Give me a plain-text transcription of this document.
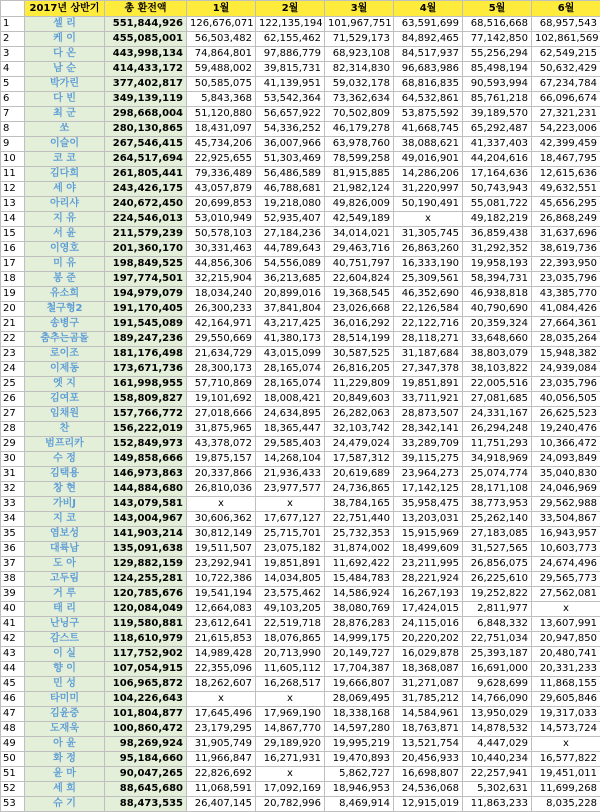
	2017년 상반기	총 환전액	1월	2월	3월	4월	5월	6월
1	셀 리	551,844,926	126,676,071	122,135,194	101,967,751	63,591,699	68,516,668	68,957,543
2	케 이	455,085,001	56,503,482	62,155,462	71,529,173	84,892,465	77,142,850	102,861,569
3	다 온	443,998,134	74,864,801	97,886,779	68,923,108	84,517,937	55,256,294	62,549,215
4	남 순	414,433,172	59,488,002	39,815,731	82,314,830	96,683,986	85,498,194	50,632,429
5	박가린	377,402,817	50,585,075	41,139,951	59,032,178	68,816,835	90,593,994	67,234,784
6	다 빈	349,139,119	5,843,368	53,542,364	73,362,634	64,532,861	85,761,218	66,096,674
7	최 군	298,668,004	51,120,880	56,657,922	70,502,809	53,875,592	39,189,570	27,321,231
8	쏘	280,130,865	18,431,097	54,336,252	46,179,278	41,668,745	65,292,487	54,223,006
9	이슬이	267,546,415	45,734,206	36,007,966	63,978,760	38,088,621	41,337,403	42,399,459
10	코 코	264,517,694	22,925,655	51,303,469	78,599,258	49,016,901	44,204,616	18,467,795
11	김다희	261,805,441	79,336,489	56,486,589	81,915,885	14,286,206	17,164,636	12,615,636
12	세 야	243,426,175	43,057,879	46,788,681	21,982,124	31,220,997	50,743,943	49,632,551
13	아리샤	240,672,450	20,699,853	19,218,080	49,826,009	50,190,491	55,081,722	45,656,295
14	지 유	224,546,013	53,010,949	52,935,407	42,549,189	x	49,182,219	26,868,249
15	서 윤	211,579,239	50,578,103	27,184,236	34,014,021	31,305,745	36,859,438	31,637,696
16	이영호	201,360,170	30,331,463	44,789,643	29,463,716	26,863,260	31,292,352	38,619,736
17	미 유	198,849,525	44,856,306	54,556,089	40,751,797	16,333,190	19,958,193	22,393,950
18	봉 준	197,774,501	32,215,904	36,213,685	22,604,824	25,309,561	58,394,731	23,035,796
19	유소희	194,979,079	18,034,240	20,899,016	19,368,545	46,352,690	46,938,818	43,385,770
20	철구형2	191,170,405	26,300,233	37,841,804	23,026,668	22,126,584	40,790,690	41,084,426
21	송병구	191,545,089	42,164,971	43,217,425	36,016,292	22,122,716	20,359,324	27,664,361
22	춤추는곰돌	189,247,236	29,550,669	41,380,173	28,514,199	28,118,271	33,648,660	28,035,264
23	로이조	181,176,498	21,634,729	43,015,099	30,587,525	31,187,684	38,803,079	15,948,382
24	이제동	173,671,736	28,300,173	28,165,074	26,816,205	27,347,378	38,103,822	24,939,084
25	엣 지	161,998,955	57,710,869	28,165,074	11,229,809	19,851,891	22,005,516	23,035,796
26	김여포	158,809,827	19,101,692	18,008,421	20,849,603	33,711,921	27,081,685	40,056,505
27	임채원	157,766,772	27,018,666	24,634,895	26,282,063	28,873,507	24,331,167	26,625,523
28	찬	156,222,019	31,875,965	18,365,447	32,103,742	28,342,141	26,294,248	19,240,476
29	범프리카	152,849,973	43,378,072	29,585,403	24,479,024	33,289,709	11,751,293	10,366,472
30	수 정	149,858,666	19,875,157	14,268,104	17,587,312	39,115,275	34,918,969	24,093,849
31	김택용	146,973,863	20,337,866	21,936,433	20,619,689	23,964,273	25,074,774	35,040,830
32	창 현	144,884,680	26,810,036	23,977,577	24,736,865	17,142,125	28,171,108	24,046,969
33	가비J	143,079,581	x	x	38,784,165	35,958,475	38,773,953	29,562,988
34	지 코	143,004,967	30,606,362	17,677,127	22,751,440	13,203,031	25,262,140	33,504,867
35	염보성	141,903,214	30,812,149	25,715,701	25,732,353	15,915,969	27,183,085	16,943,957
36	대륙남	135,091,638	19,511,507	23,075,182	31,874,002	18,499,609	31,527,565	10,603,773
37	도 아	129,882,159	23,292,941	19,851,891	11,692,422	23,211,995	26,856,075	24,674,496
38	고두림	124,255,281	10,722,386	14,034,805	15,484,783	28,221,924	26,225,610	29,565,773
39	거 루	120,785,676	19,541,194	23,575,462	14,586,924	16,267,193	19,252,822	27,562,081
40	태 리	120,084,049	12,664,083	49,103,205	38,080,769	17,424,015	2,811,977	x
41	난닝구	119,580,881	23,612,641	22,519,718	28,876,283	24,115,016	6,848,332	13,607,991
42	감스트	118,610,979	21,615,853	18,076,865	14,999,175	20,220,202	22,751,034	20,947,850
43	이 실	117,752,902	14,989,428	20,713,990	20,149,727	16,029,878	25,393,187	20,480,741
44	향 이	107,054,915	22,355,096	11,605,112	17,704,387	18,368,087	16,691,000	20,331,233
45	민 성	106,965,872	18,262,607	16,268,517	19,666,807	31,271,087	9,628,699	11,868,155
46	타미미	104,226,643	x	x	28,069,495	31,785,212	14,766,090	29,605,846
47	김윤중	101,804,877	17,645,496	17,969,190	18,338,168	14,584,961	13,950,029	19,317,033
48	도재욱	100,860,472	23,179,295	14,867,770	14,597,280	18,763,871	14,878,532	14,573,724
49	아 윤	98,269,924	31,905,749	29,189,920	19,995,219	13,521,754	4,447,029	x
50	화 정	95,184,660	11,966,847	16,271,931	19,470,893	20,456,933	10,440,234	16,577,822
51	윤 마	90,047,265	22,826,692	x	5,862,727	16,698,807	22,257,941	19,451,011
52	세 희	88,645,680	11,068,591	17,092,169	18,946,953	24,536,068	5,302,631	11,699,268
53	슈 기	88,473,535	26,407,145	20,782,996	8,469,914	12,915,019	11,863,233	8,035,228
